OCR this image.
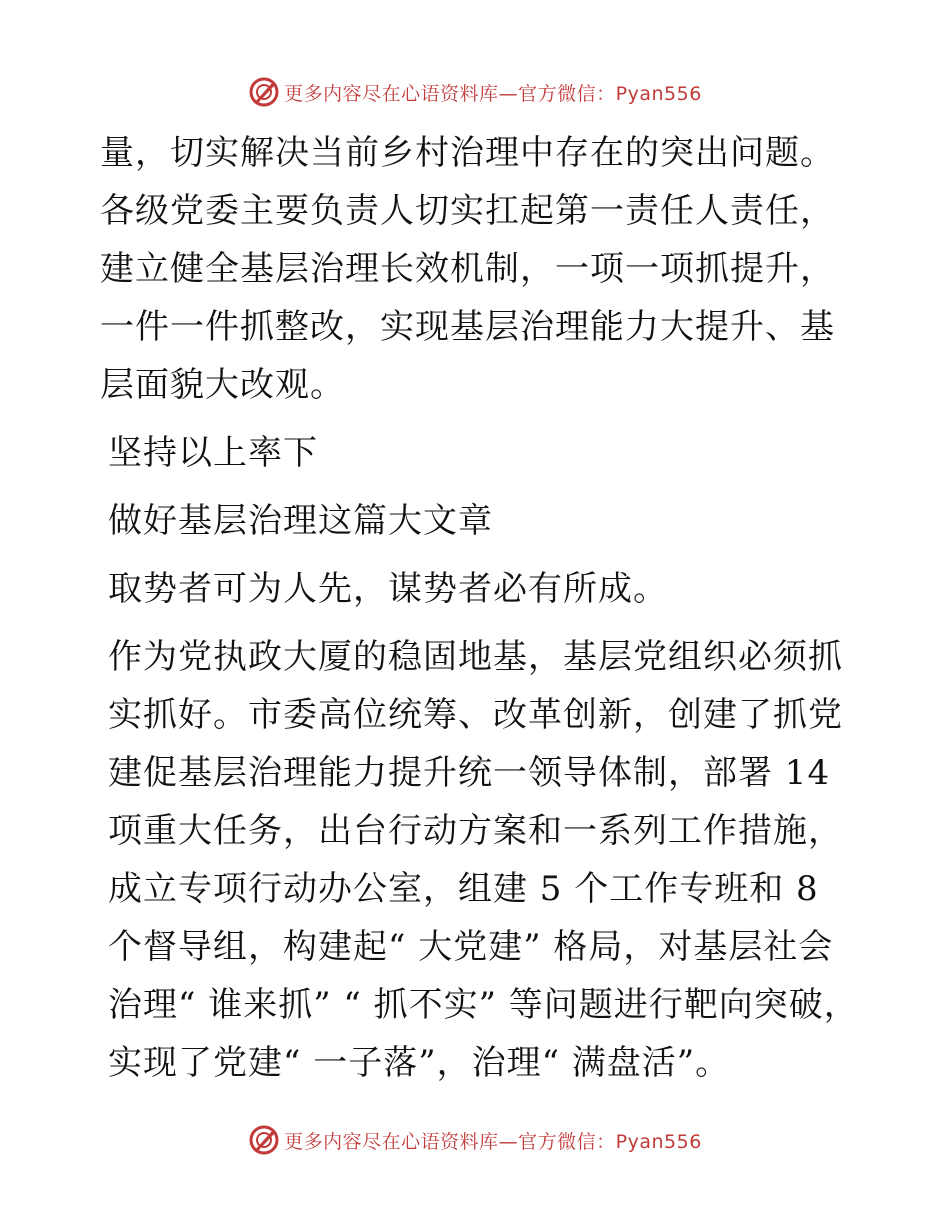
更多内容尽在心语资料库—官方微信：Pyan556

量，切实解决当前乡村治理中存在的突出问题。各级党委主要负责人切实扛起第一责任人责任，建立健全基层治理长效机制，一项一项抓提升，一件一件抓整改，实现基层治理能力大提升、基层面貌大改观。

坚持以上率下

做好基层治理这篇大文章

取势者可为人先，谋势者必有所成。

作为党执政大厦的稳固地基，基层党组织必须抓实抓好。市委高位统筹、改革创新，创建了抓党建促基层治理能力提升统一领导体制，部署 14 项重大任务，出台行动方案和一系列工作措施，成立专项行动办公室，组建 5 个工作专班和 8 个督导组，构建起“ 大党建” 格局，对基层社会治理“ 谁来抓” “ 抓不实” 等问题进行靶向突破，实现了党建“ 一子落”，治理“ 满盘活”。

更多内容尽在心语资料库—官方微信：Pyan556
